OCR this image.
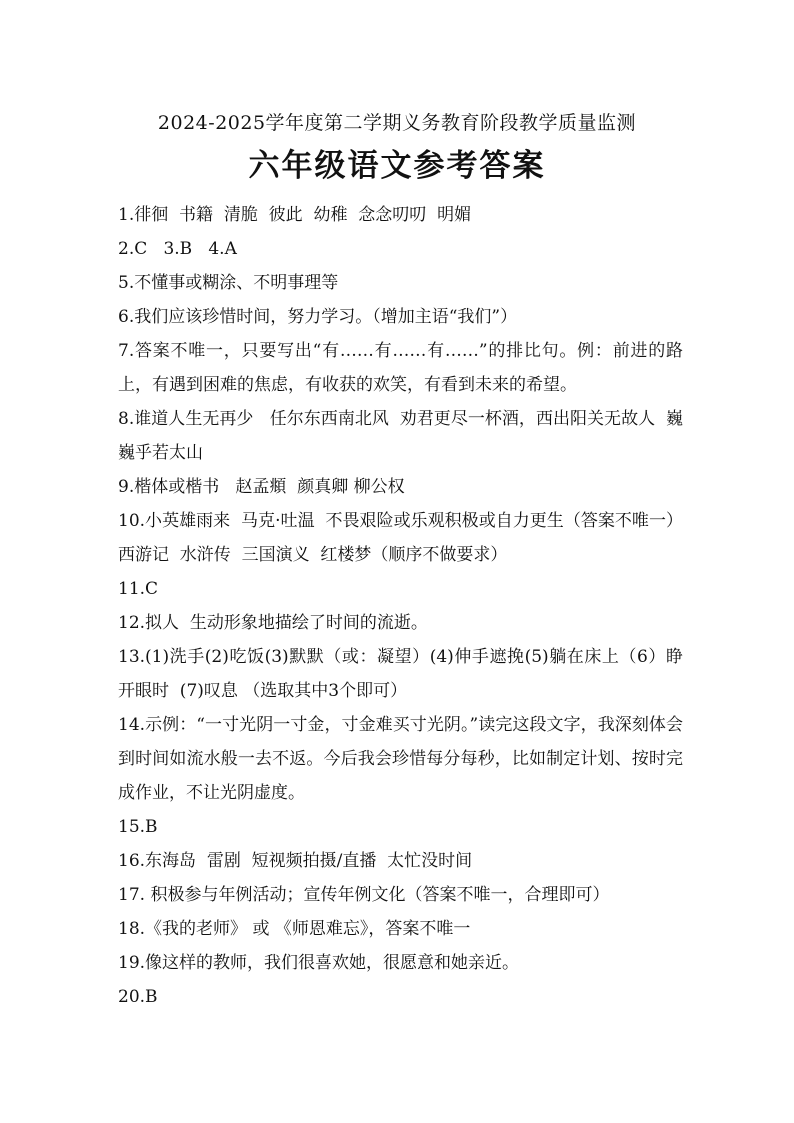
2024-2025学年度第二学期义务教育阶段教学质量监测
六年级语文参考答案
1.徘徊  书籍  清脆  彼此  幼稚  念念叨叨  明媚
2.C   3.B   4.A
5.不懂事或糊涂、不明事理等
6.我们应该珍惜时间，努力学习。（增加主语“我们”）
7.答案不唯一，只要写出“有……有……有……”的排比句。例：前进的路上，有遇到困难的焦虑，有收获的欢笑，有看到未来的希望。
8.谁道人生无再少   任尔东西南北风  劝君更尽一杯酒，西出阳关无故人  巍巍乎若太山
9.楷体或楷书   赵孟頫  颜真卿 柳公权
10.小英雄雨来  马克·吐温  不畏艰险或乐观积极或自力更生（答案不唯一）  西游记  水浒传  三国演义  红楼梦（顺序不做要求）
11.C
12.拟人  生动形象地描绘了时间的流逝。
13.(1)洗手(2)吃饭(3)默默（或：凝望）(4)伸手遮挽(5)躺在床上（6）睁开眼时  (7)叹息 （选取其中3个即可）
14.示例：“一寸光阴一寸金，寸金难买寸光阴。”读完这段文字，我深刻体会到时间如流水般一去不返。今后我会珍惜每分每秒，比如制定计划、按时完成作业，不让光阴虚度。
15.B
16.东海岛  雷剧  短视频拍摄/直播  太忙没时间
17. 积极参与年例活动；宣传年例文化（答案不唯一，合理即可）
18.《我的老师》 或 《师恩难忘》，答案不唯一
19.像这样的教师，我们很喜欢她，很愿意和她亲近。
20.B
